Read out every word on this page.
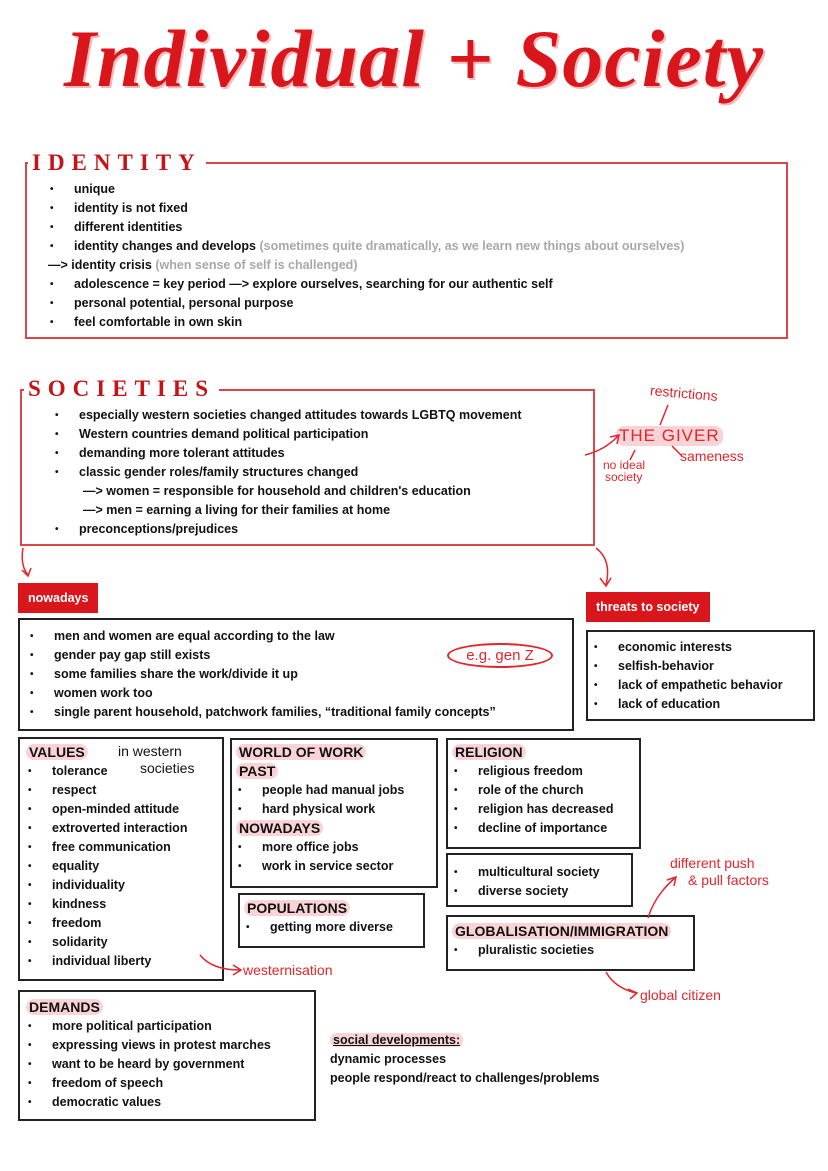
Individual + Society
IDENTITY
• unique
• identity is not fixed
• different identities
• identity changes and develops (sometimes quite dramatically, as we learn new things about ourselves)
—> identity crisis (when sense of self is challenged)
• adolescence = key period —> explore ourselves, searching for our authentic self
• personal potential, personal purpose
• feel comfortable in own skin
SOCIETIES
• especially western societies changed attitudes towards LGBTQ movement
• Western countries demand political participation
• demanding more tolerant attitudes
• classic gender roles/family structures changed
—> women = responsible for household and children's education
—> men = earning a living for their families at home
• preconceptions/prejudices
restrictions
THE GIVER
sameness
no ideal
society
nowadays
• men and women are equal according to the law
• gender pay gap still exists
• some families share the work/divide it up
• women work too
• single parent household, patchwork families, “traditional family concepts”
e.g. gen Z
threats to society
• economic interests
• selfish-behavior
• lack of empathetic behavior
• lack of education
VALUES
• tolerance
• respect
• open-minded attitude
• extroverted interaction
• free communication
• equality
• individuality
• kindness
• freedom
• solidarity
• individual liberty
in western
societies
westernisation
WORLD OF WORK
PAST
• people had manual jobs
• hard physical work
NOWADAYS
• more office jobs
• work in service sector
POPULATIONS
• getting more diverse
RELIGION
• religious freedom
• role of the church
• religion has decreased
• decline of importance
• multicultural society
• diverse society
GLOBALISATION/IMMIGRATION
• pluralistic societies
different push
& pull factors
global citizen
DEMANDS
• more political participation
• expressing views in protest marches
• want to be heard by government
• freedom of speech
• democratic values
social developments:
dynamic processes
people respond/react to challenges/problems
